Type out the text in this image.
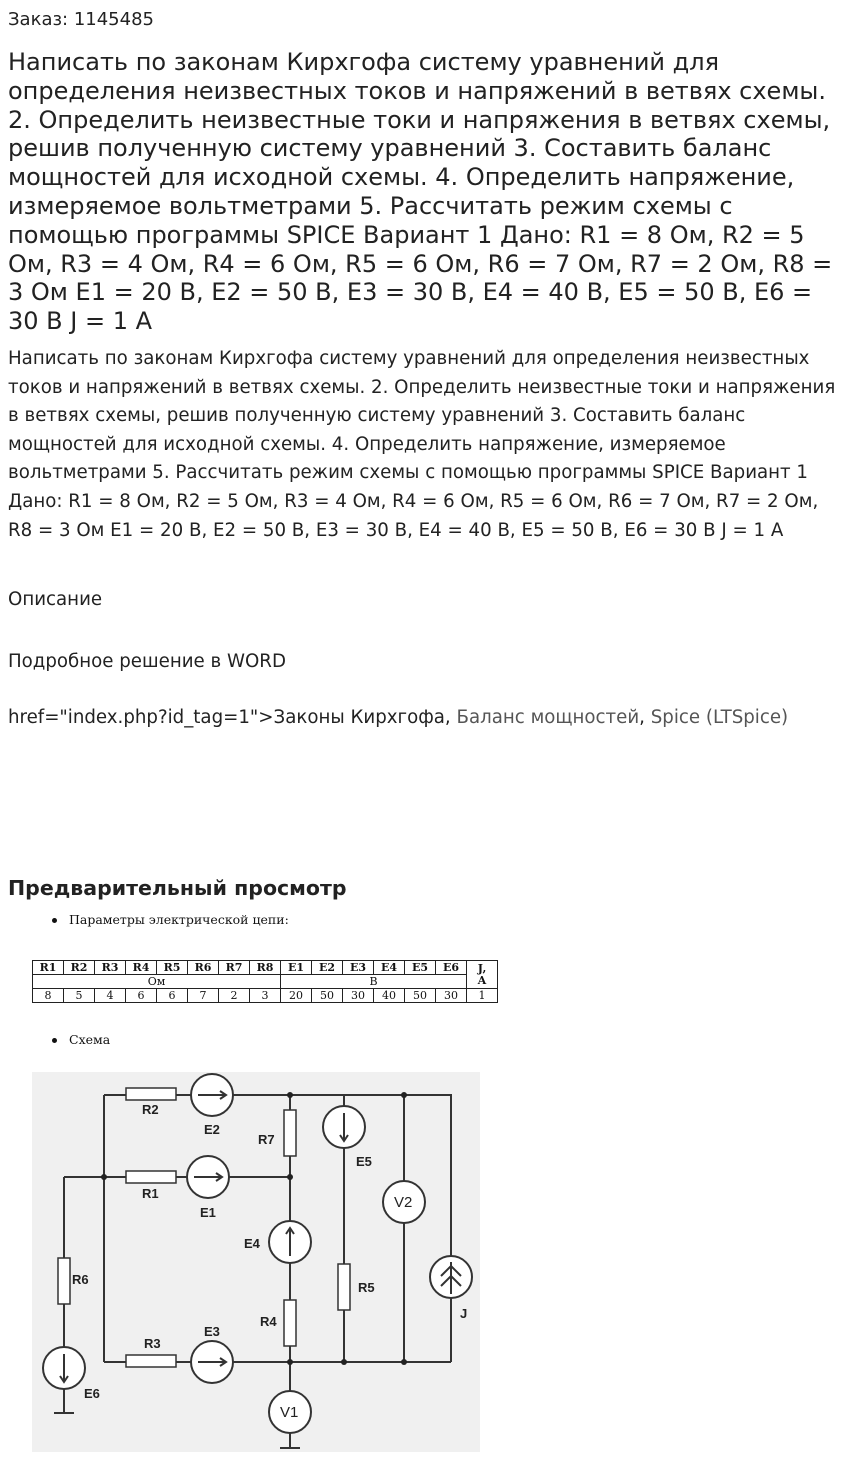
Заказ: 1145485
Написать по законам Кирхгофа систему уравнений для определения неизвестных токов и напряжений в ветвях схемы. 2. Определить неизвестные токи и напряжения в ветвях схемы, решив полученную систему уравнений 3. Составить баланс мощностей для исходной схемы. 4. Определить напряжение, измеряемое вольтметрами 5. Рассчитать режим схемы с помощью программы SPICE Вариант 1 Дано: R1 = 8 Ом, R2 = 5 Ом, R3 = 4 Ом, R4 = 6 Ом, R5 = 6 Ом, R6 = 7 Ом, R7 = 2 Ом, R8 = 3 Ом E1 = 20 В, E2 = 50 В, E3 = 30 В, E4 = 40 В, E5 = 50 В, E6 = 30 В J = 1 А

Написать по законам Кирхгофа систему уравнений для определения неизвестных токов и напряжений в ветвях схемы. 2. Определить неизвестные токи и напряжения в ветвях схемы, решив полученную систему уравнений 3. Составить баланс мощностей для исходной схемы. 4. Определить напряжение, измеряемое вольтметрами 5. Рассчитать режим схемы с помощью программы SPICE Вариант 1 Дано: R1 = 8 Ом, R2 = 5 Ом, R3 = 4 Ом, R4 = 6 Ом, R5 = 6 Ом, R6 = 7 Ом, R7 = 2 Ом, R8 = 3 Ом E1 = 20 В, E2 = 50 В, E3 = 30 В, E4 = 40 В, E5 = 50 В, E6 = 30 В J = 1 А

Описание
Подробное решение в WORD
href="index.php?id_tag=1">Законы Кирхгофа, Баланс мощностей, Spice (LTSpice)
Предварительный просмотр
Параметры электрической цепи:
R1	R2	R3	R4	R5	R6	R7	R8	E1	E2	E3	E4	E5	E6	J,
А
Ом								В						
8	5	4	6	6	7	2	3	20	50	30	40	50	30	1
Схема
R2
E2
R1
E1
R3
E3
R7
E4
R4
E5
R5
R6
E6
V2
V1
J
